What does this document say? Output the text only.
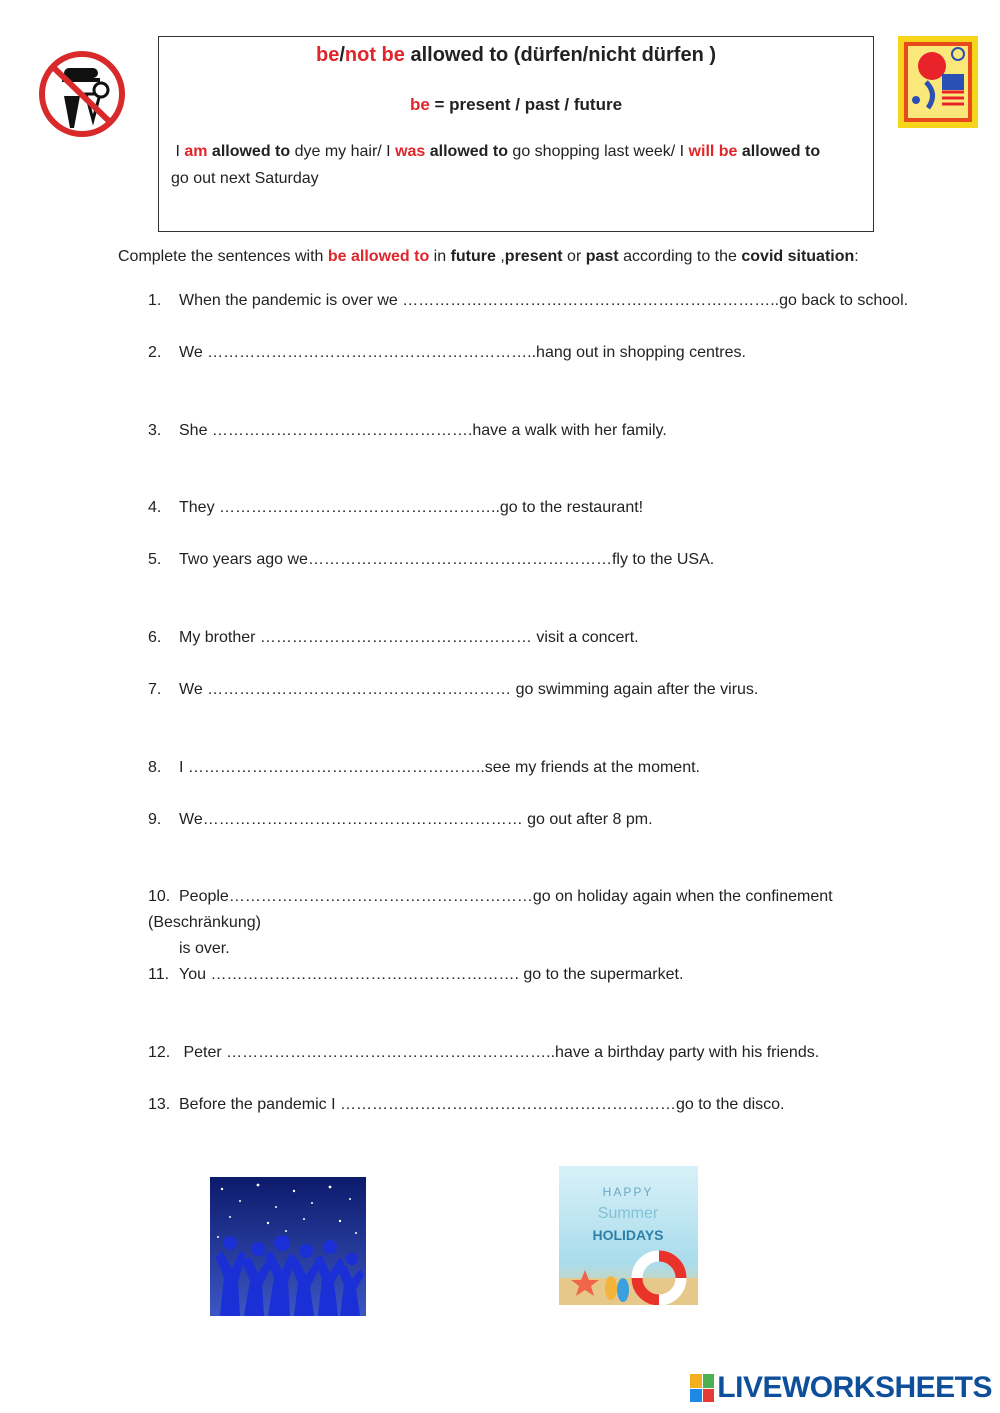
be/not be allowed to (dürfen/nicht dürfen )
be = present / past / future
I am allowed to dye my hair/ I was allowed to go shopping last week/ I will be allowed to
go out next Saturday
Complete the sentences with be allowed to in future ,present or past according to the covid situation:
1. When the pandemic is over we ……………………………………………………………..go back to school.
2. We ……………………………………………………..hang out in shopping centres.
3. She ………………………………………….have a walk with her family.
4. They ……………………………………………..go to the restaurant!
5. Two years ago we…………………………………………………fly to the USA.
6. My brother …………………………………………… visit a concert.
7. We ………………………………………………… go swimming again after the virus.
8. I ………………………………………………..see my friends at the moment.
9. We…………………………………………………… go out after 8 pm.
10. People…………………………………………………go on holiday again when the confinement (Beschränkung)
is over.
11. You …………………………………………………. go to the supermarket.
12. Peter ……………………………………………………..have a birthday party with his friends.
13. Before the pandemic I ………………………………………………………go to the disco.
HAPPY
Summer
HOLIDAYS
LIVEWORKSHEETS
